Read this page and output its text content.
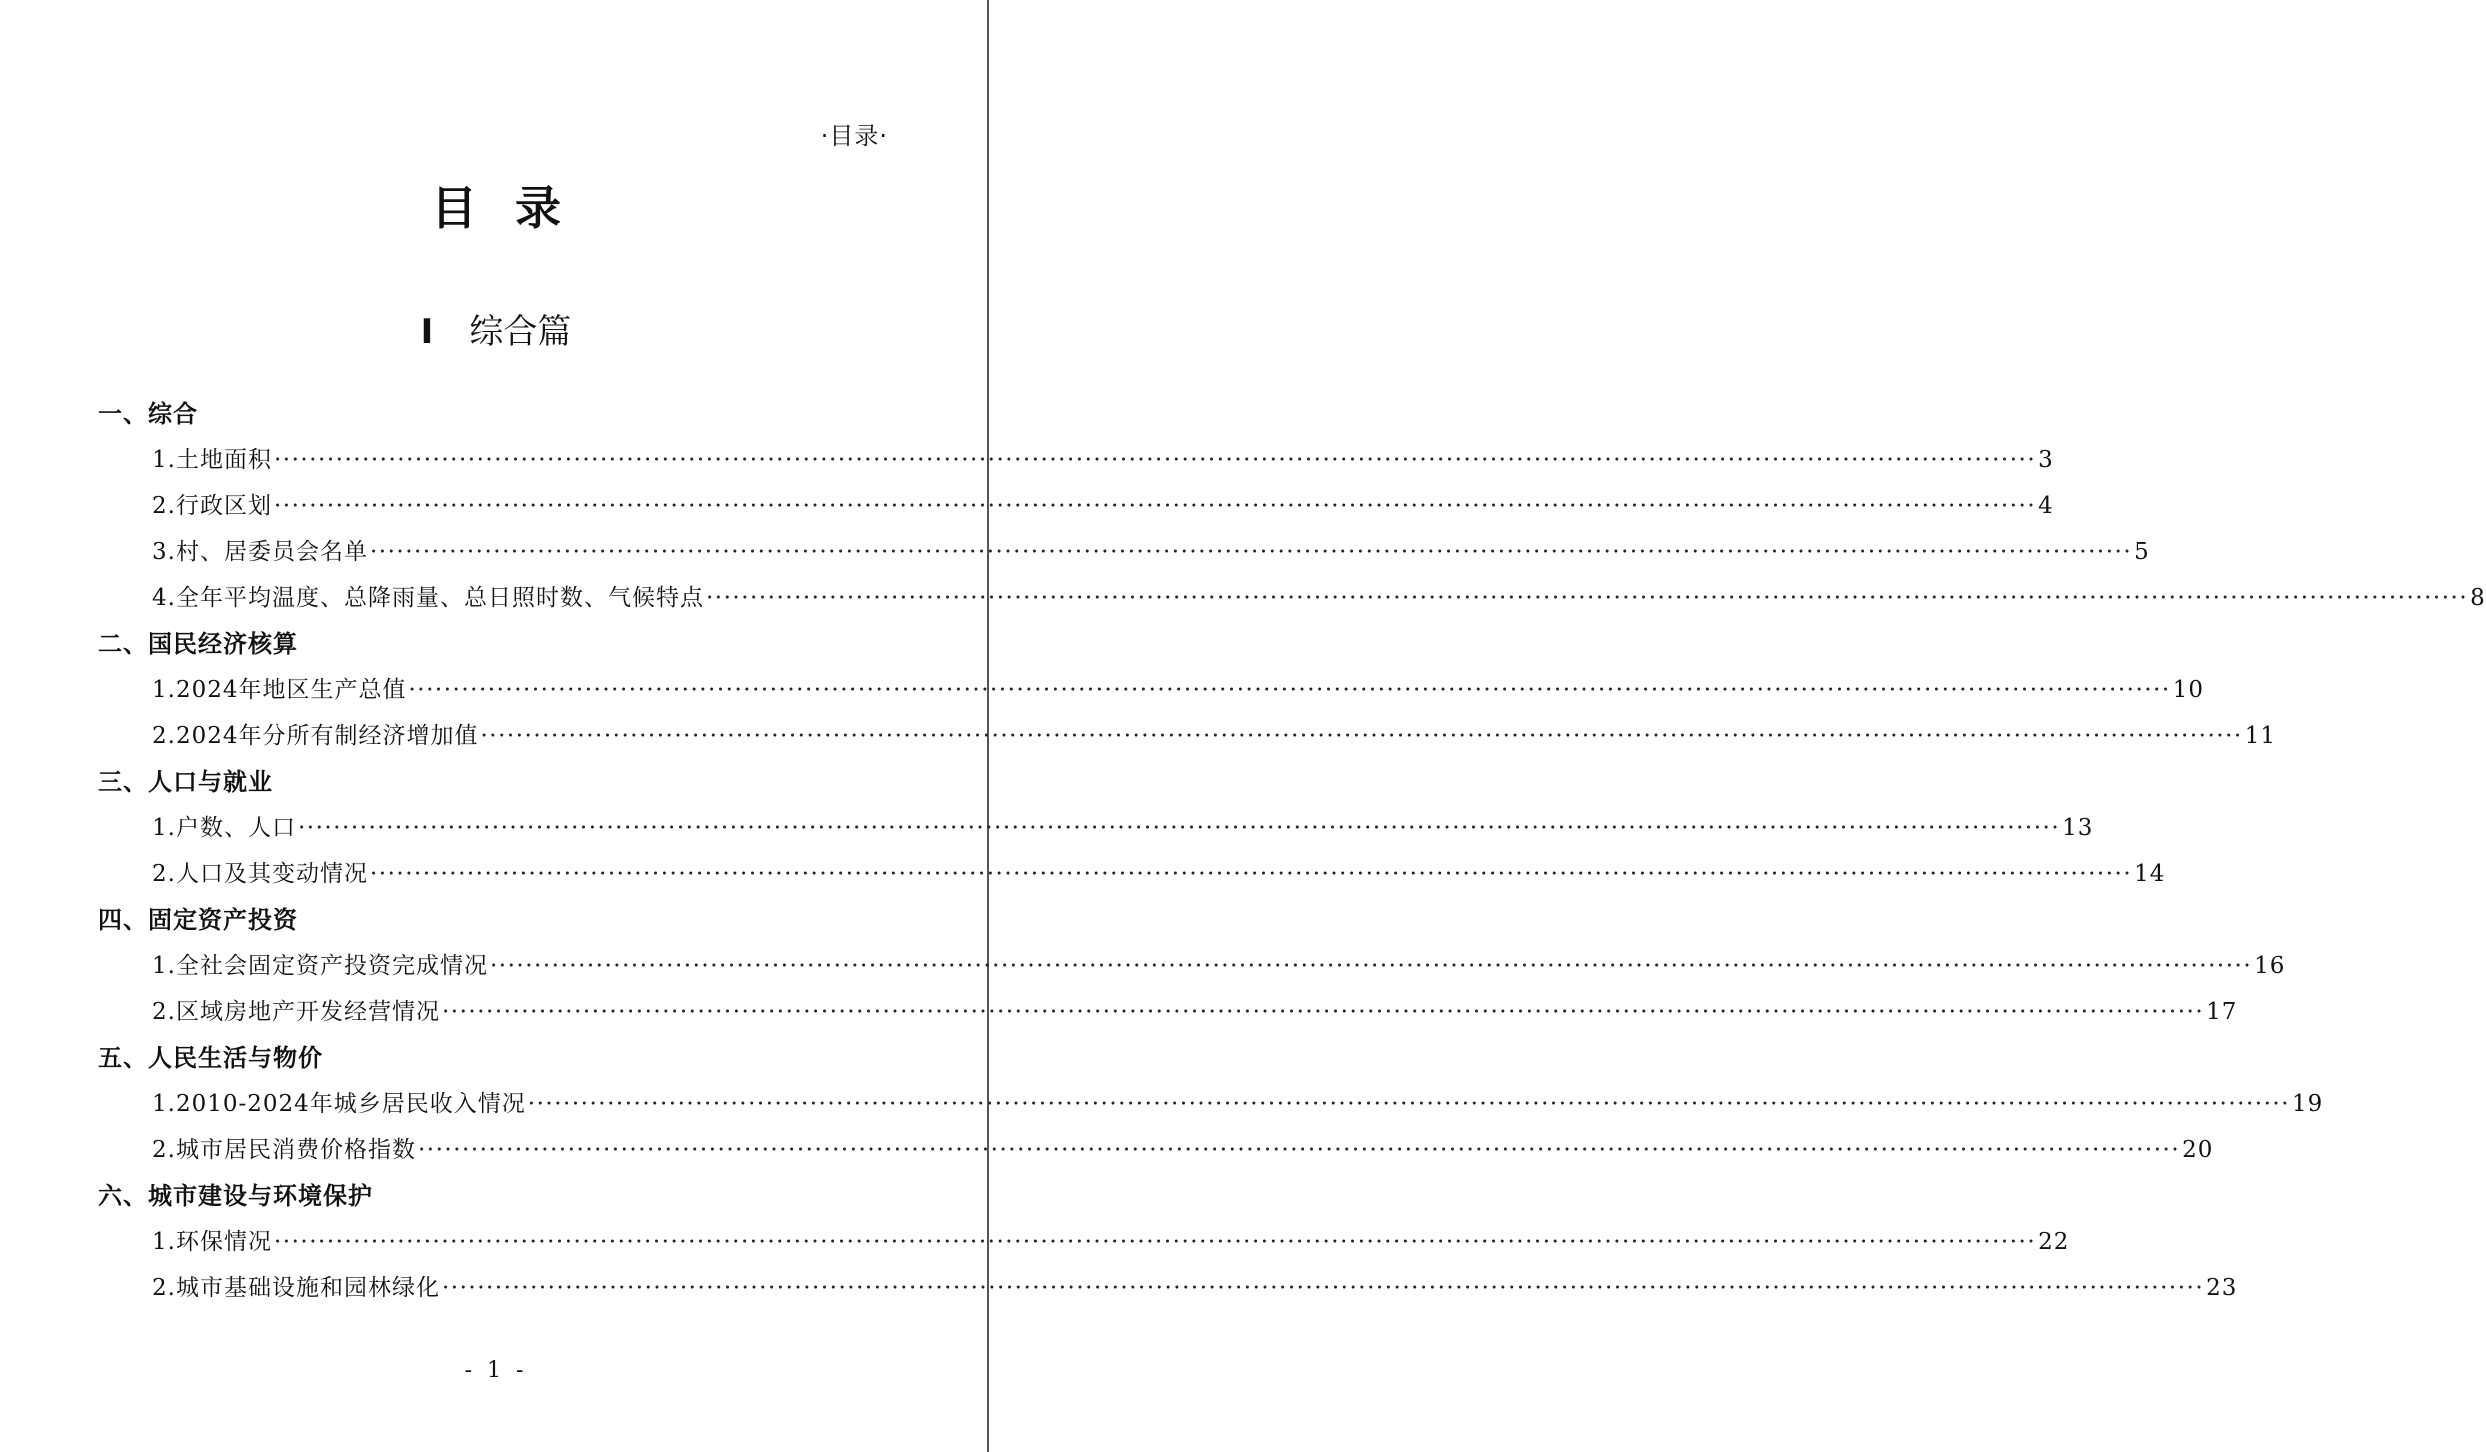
·目录·
目录
I 综合篇
一、综合
1.土地面积 ········································································································································································································ 3
2.行政区划 ········································································································································································································ 4
3.村、居委员会名单 ········································································································································································································ 5
4.全年平均温度、总降雨量、总日照时数、气候特点 ········································································································································································································ 8
二、国民经济核算
1.2024年地区生产总值 ········································································································································································································ 10
2.2024年分所有制经济增加值 ········································································································································································································ 11
三、人口与就业
1.户数、人口 ········································································································································································································ 13
2.人口及其变动情况 ········································································································································································································ 14
四、固定资产投资
1.全社会固定资产投资完成情况 ········································································································································································································ 16
2.区域房地产开发经营情况 ········································································································································································································ 17
五、人民生活与物价
1.2010-2024年城乡居民收入情况 ········································································································································································································ 19
2.城市居民消费价格指数 ········································································································································································································ 20
六、城市建设与环境保护
1.环保情况 ········································································································································································································ 22
2.城市基础设施和园林绿化 ········································································································································································································ 23
- 1 -
